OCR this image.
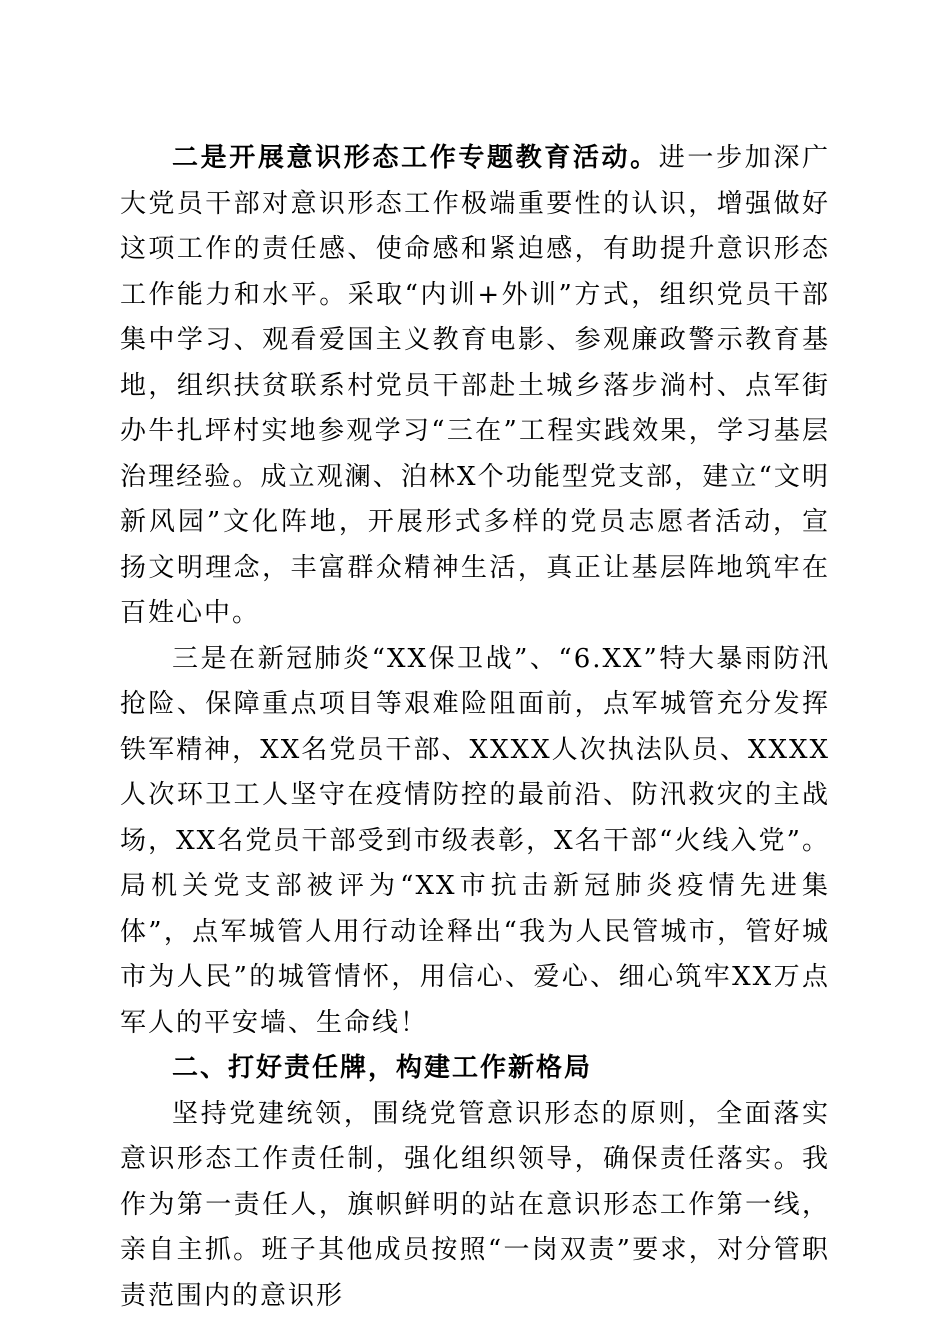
二是开展意识形态工作专题教育活动。进一步加深广大党员干部对意识形态工作极端重要性的认识，增强做好这项工作的责任感、使命感和紧迫感，有助提升意识形态工作能力和水平。采取“内训+外训”方式，组织党员干部集中学习、观看爱国主义教育电影、参观廉政警示教育基地，组织扶贫联系村党员干部赴土城乡落步淌村、点军街办牛扎坪村实地参观学习“三在”工程实践效果，学习基层治理经验。成立观澜、泊林X个功能型党支部，建立“文明新风园”文化阵地，开展形式多样的党员志愿者活动，宣扬文明理念，丰富群众精神生活，真正让基层阵地筑牢在百姓心中。

三是在新冠肺炎“XX保卫战”、“6.XX”特大暴雨防汛抢险、保障重点项目等艰难险阻面前，点军城管充分发挥铁军精神，XX名党员干部、XXXX人次执法队员、XXXX人次环卫工人坚守在疫情防控的最前沿、防汛救灾的主战场，XX名党员干部受到市级表彰，X名干部“火线入党”。局机关党支部被评为“XX市抗击新冠肺炎疫情先进集体”，点军城管人用行动诠释出“我为人民管城市，管好城市为人民”的城管情怀，用信心、爱心、细心筑牢XX万点军人的平安墙、生命线！

二、打好责任牌，构建工作新格局

坚持党建统领，围绕党管意识形态的原则，全面落实意识形态工作责任制，强化组织领导，确保责任落实。我作为第一责任人，旗帜鲜明的站在意识形态工作第一线，亲自主抓。班子其他成员按照“一岗双责”要求，对分管职责范围内的意识形
